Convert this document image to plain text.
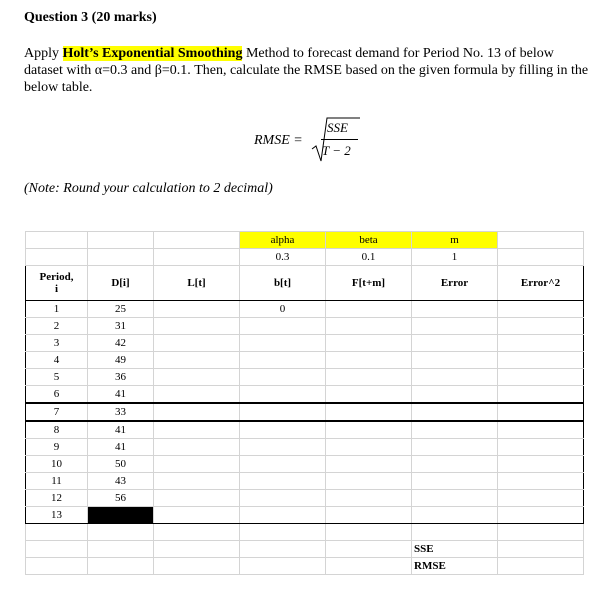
Question 3 (20 marks)

Apply Holt’s Exponential Smoothing Method to forecast demand for Period No. 13 of below dataset with α=0.3 and β=0.1. Then, calculate the RMSE based on the given formula by filling in the below table.

RMSE =
SSE
T − 2

(Note: Round your calculation to 2 decimal)

			alpha	beta	m	
			0.3	0.1	1	
Period,
i	D[i]	L[t]	b[t]	F[t+m]	Error	Error^2
1	25		0			
2	31					
3	42					
4	49					
5	36					
6	41					
7	33					
8	41					
9	41					
10	50					
11	43					
12	56					
13						

					SSE	
					RMSE	
